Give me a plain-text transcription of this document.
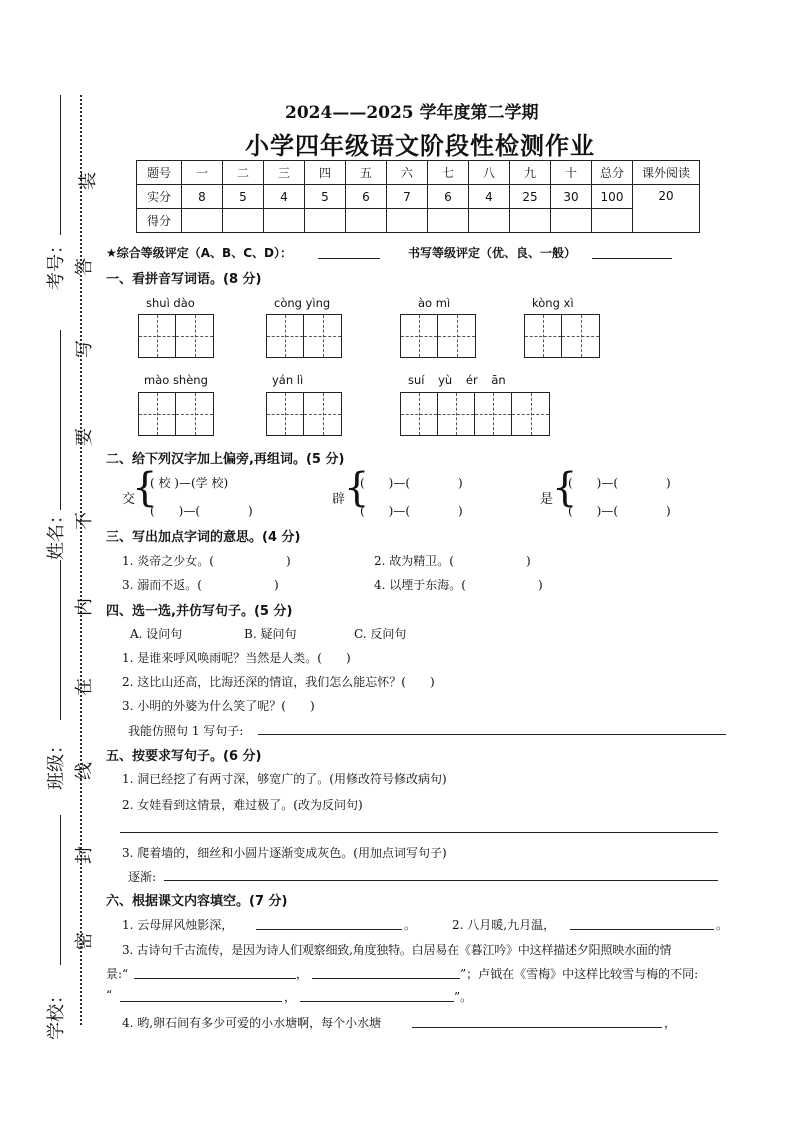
考号：
姓名：
班级：
学校：
装
答
写
要
不
内
在
线
封
密
2024——2025 学年度第二学期
小学四年级语文阶段性检测作业
题号	一	二	三	四	五	六	七	八	九	十	总分	课外阅读
实分	8	5	4	5	6	7	6	4	25	30	100	20
得分												
★综合等级评定（A、B、C、D）：	书写等级评定（优、良、一般）
一、看拼音写词语。(8 分)
shuì dào	còng yìng	ào mì	kòng xì
mào shèng	yán lì	suí yù ér ān
二、给下列汉字加上偏旁,再组词。(5 分)
交
{
( 校 )—(学 校)
(　　)—(　　　　)
辟
{
(　　)—(　　　　)
(　　)—(　　　　)
是
{
(　　)—(　　　　)
(　　)—(　　　　)
三、写出加点字词的意思。(4 分)
1. 炎帝之少女。(　　　　　　)	2. 故为精卫。(　　　　　　)
3. 溺而不返。(　　　　　　)	4. 以堙于东海。(　　　　　　)
四、选一选,并仿写句子。(5 分)
A. 设问句	B. 疑问句	C. 反问句
1. 是谁来呼风唤雨呢？当然是人类。(　　)
2. 这比山还高，比海还深的情谊，我们怎么能忘怀？(　　)
3. 小明的外婆为什么笑了呢？(　　)
我能仿照句 1 写句子:
五、按要求写句子。(6 分)
1. 洞已经挖了有两寸深，够宽广的了。(用修改符号修改病句)
2. 女娃看到这情景，难过极了。(改为反问句)
3. 爬着墙的，细丝和小圆片逐渐变成灰色。(用加点词写句子)
逐渐:
六、根据课文内容填空。(7 分)
1. 云母屏风烛影深，	。	2. 八月暖,九月温，	。
3. 古诗句千古流传，是因为诗人们观察细致,角度独特。白居易在《暮江吟》中这样描述夕阳照映水面的情
景:“	，	”；卢钺在《雪梅》中这样比较雪与梅的不同:
“	，	”。
4. 哟,卵石间有多少可爱的小水塘啊，每个小水塘	，
